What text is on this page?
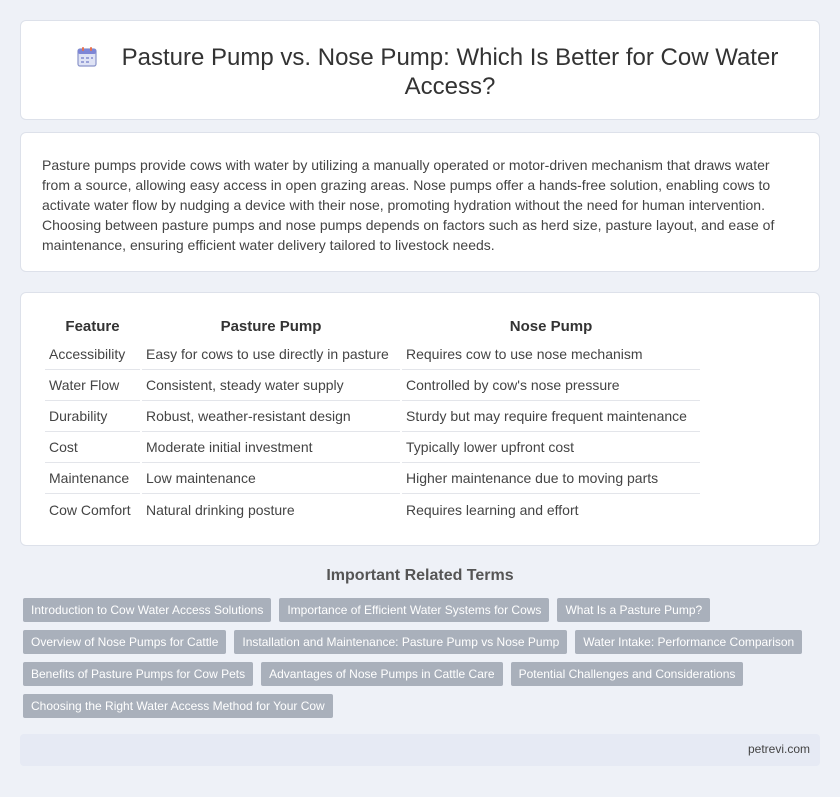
Pasture Pump vs. Nose Pump: Which Is Better for Cow Water Access?

Pasture pumps provide cows with water by utilizing a manually operated or motor-driven mechanism that draws water from a source, allowing easy access in open grazing areas. Nose pumps offer a hands-free solution, enabling cows to activate water flow by nudging a device with their nose, promoting hydration without the need for human intervention. Choosing between pasture pumps and nose pumps depends on factors such as herd size, pasture layout, and ease of maintenance, ensuring efficient water delivery tailored to livestock needs.

Feature	Pasture Pump	Nose Pump
Accessibility	Easy for cows to use directly in pasture	Requires cow to use nose mechanism
Water Flow	Consistent, steady water supply	Controlled by cow's nose pressure
Durability	Robust, weather-resistant design	Sturdy but may require frequent maintenance
Cost	Moderate initial investment	Typically lower upfront cost
Maintenance	Low maintenance	Higher maintenance due to moving parts
Cow Comfort	Natural drinking posture	Requires learning and effort
Important Related Terms
Introduction to Cow Water Access Solutions	Importance of Efficient Water Systems for Cows	What Is a Pasture Pump?
Overview of Nose Pumps for Cattle	Installation and Maintenance: Pasture Pump vs Nose Pump	Water Intake: Performance Comparison
Benefits of Pasture Pumps for Cow Pets	Advantages of Nose Pumps in Cattle Care	Potential Challenges and Considerations
Choosing the Right Water Access Method for Your Cow
petrevi.com
